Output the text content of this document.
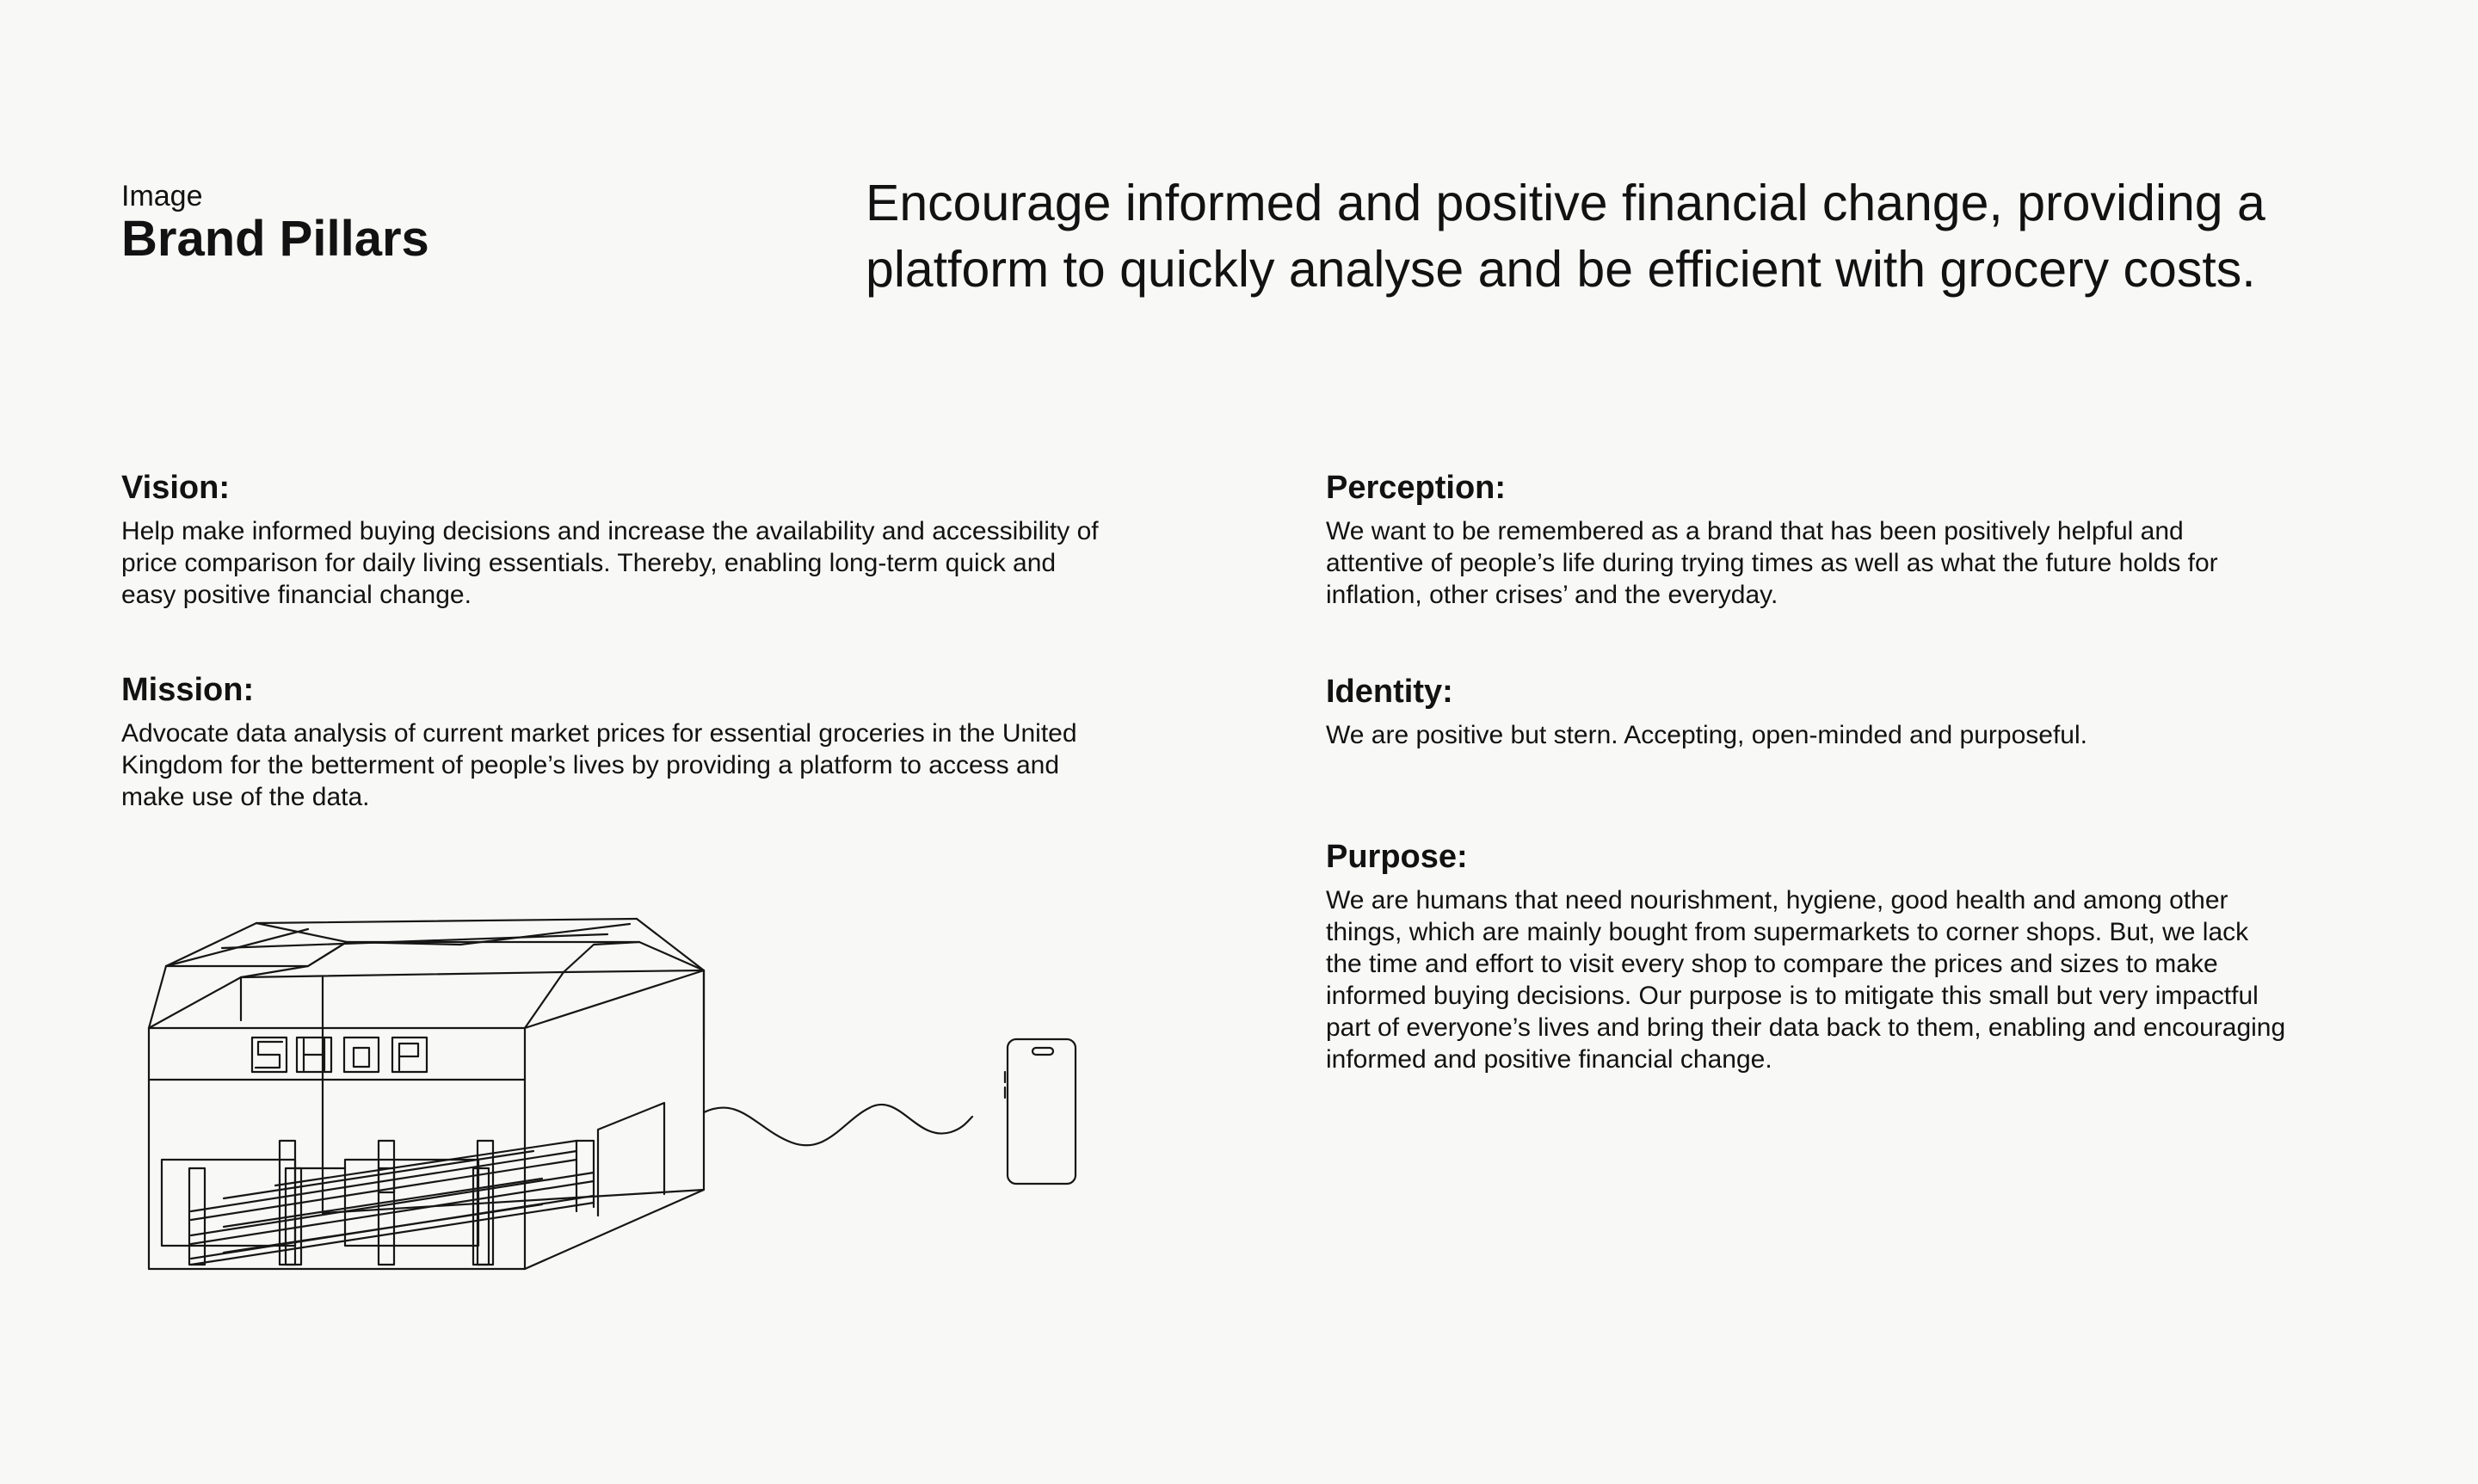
Image

Brand Pillars

Encourage informed and positive financial change, providing a platform to quickly analyse and be efficient with grocery costs.

Vision:

Help make informed buying decisions and increase the availability and accessibility of price comparison for daily living essentials. Thereby, enabling long-term quick and easy positive financial change.

Mission:

Advocate data analysis of current market prices for essential groceries in the United Kingdom for the betterment of people’s lives by providing a platform to access and make use of the data.

Perception:

We want to be remembered as a brand that has been positively helpful and attentive of people’s life during trying times as well as what the future holds for inflation, other crises’ and the everyday.

Identity:

We are positive but stern. Accepting, open-minded and purposeful.

Purpose:

We are humans that need nourishment, hygiene, good health and among other things, which are mainly bought from supermarkets to corner shops. But, we lack the time and effort to visit every shop to compare the prices and sizes to make informed buying decisions. Our purpose is to mitigate this small but very impactful part of everyone’s lives and bring their data back to them, enabling and encouraging informed and positive financial change.
